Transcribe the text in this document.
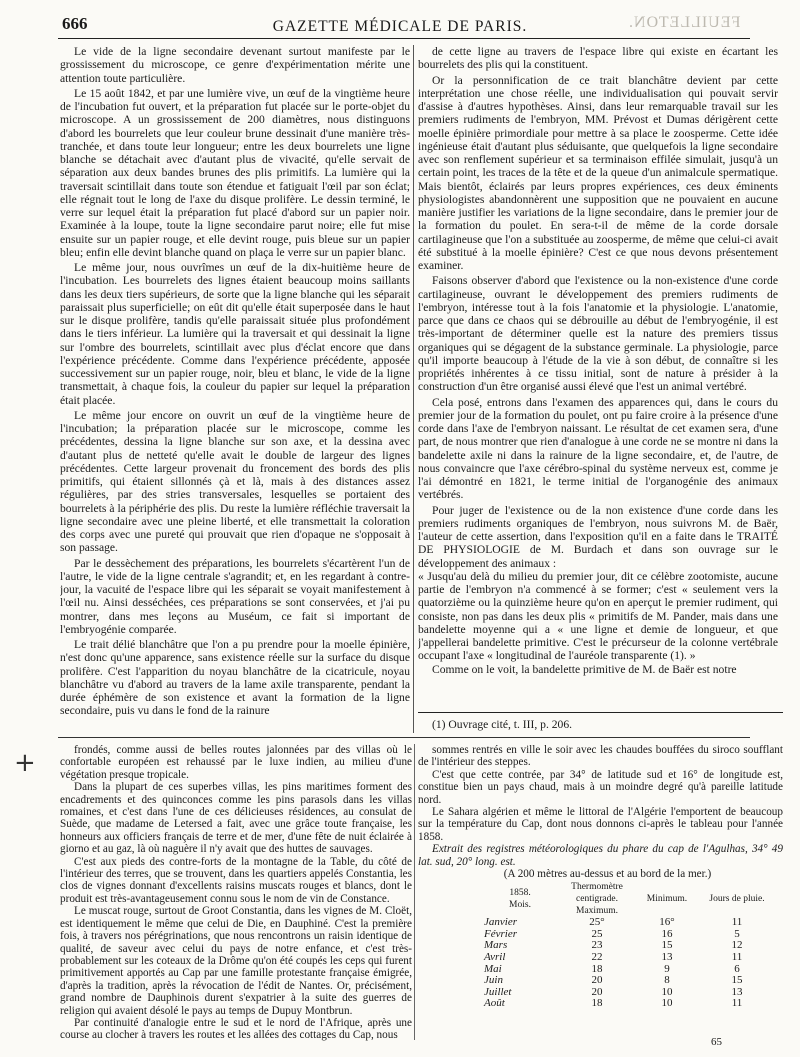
666	GAZETTE MÉDICALE DE PARIS.	FEUILLETON.

Le vide de la ligne secondaire devenant surtout manifeste par le grossissement du microscope, ce genre d'expérimentation mérite une attention toute particulière.

Le 15 août 1842, et par une lumière vive, un œuf de la vingtième heure de l'incubation fut ouvert, et la préparation fut placée sur le porte-objet du microscope. A un grossissement de 200 diamètres, nous distinguons d'abord les bourrelets que leur couleur brune dessinait d'une manière très-tranchée, et dans toute leur longueur; entre les deux bourrelets une ligne blanche se détachait avec d'autant plus de vivacité, qu'elle servait de séparation aux deux bandes brunes des plis primitifs. La lumière qui la traversait scintillait dans toute son étendue et fatiguait l'œil par son éclat; elle régnait tout le long de l'axe du disque prolifère. Le dessin terminé, le verre sur lequel était la préparation fut placé d'abord sur un papier noir. Examinée à la loupe, toute la ligne secondaire parut noire; elle fut mise ensuite sur un papier rouge, et elle devint rouge, puis bleue sur un papier bleu; enfin elle devint blanche quand on plaça le verre sur un papier blanc.

Le même jour, nous ouvrîmes un œuf de la dix-huitième heure de l'incubation. Les bourrelets des lignes étaient beaucoup moins saillants dans les deux tiers supérieurs, de sorte que la ligne blanche qui les séparait paraissait plus superficielle; on eût dit qu'elle était superposée dans le haut sur le disque prolifère, tandis qu'elle paraissait située plus profondément dans le tiers inférieur. La lumière qui la traversait et qui dessinait la ligne sur l'ombre des bourrelets, scintillait avec plus d'éclat encore que dans l'expérience précédente. Comme dans l'expérience précédente, apposée successivement sur un papier rouge, noir, bleu et blanc, le vide de la ligne transmettait, à chaque fois, la couleur du papier sur lequel la préparation était placée.

Le même jour encore on ouvrit un œuf de la vingtième heure de l'incubation; la préparation placée sur le microscope, comme les précédentes, dessina la ligne blanche sur son axe, et la dessina avec d'autant plus de netteté qu'elle avait le double de largeur des lignes précédentes. Cette largeur provenait du froncement des bords des plis primitifs, qui étaient sillonnés çà et là, mais à des distances assez régulières, par des stries transversales, lesquelles se portaient des bourrelets à la périphérie des plis. Du reste la lumière réfléchie traversait la ligne secondaire avec une pleine liberté, et elle transmettait la coloration des corps avec une pureté qui prouvait que rien d'opaque ne s'opposait à son passage.

Par le dessèchement des préparations, les bourrelets s'écartèrent l'un de l'autre, le vide de la ligne centrale s'agrandit; et, en les regardant à contre-jour, la vacuité de l'espace libre qui les séparait se voyait manifestement à l'œil nu. Ainsi desséchées, ces préparations se sont conservées, et j'ai pu montrer, dans mes leçons au Muséum, ce fait si important de l'embryogénie comparée.

Le trait délié blanchâtre que l'on a pu prendre pour la moelle épinière, n'est donc qu'une apparence, sans existence réelle sur la surface du disque prolifère. C'est l'apparition du noyau blanchâtre de la cicatricule, noyau blanchâtre vu d'abord au travers de la lame axile transparente, pendant la durée éphémère de son existence et avant la formation de la ligne secondaire, puis vu dans le fond de la rainure

de cette ligne au travers de l'espace libre qui existe en écartant les bourrelets des plis qui la constituent.

Or la personnification de ce trait blanchâtre devient par cette interprétation une chose réelle, une individualisation qui pouvait servir d'assise à d'autres hypothèses. Ainsi, dans leur remarquable travail sur les premiers rudiments de l'embryon, MM. Prévost et Dumas dérigèrent cette moelle épinière primordiale pour mettre à sa place le zoosperme. Cette idée ingénieuse était d'autant plus séduisante, que quelquefois la ligne secondaire avec son renflement supérieur et sa terminaison effilée simulait, jusqu'à un certain point, les traces de la tête et de la queue d'un animalcule spermatique. Mais bientôt, éclairés par leurs propres expériences, ces deux éminents physiologistes abandonnèrent une supposition que ne pouvaient en aucune manière justifier les variations de la ligne secondaire, dans le premier jour de la formation du poulet. En sera-t-il de même de la corde dorsale cartilagineuse que l'on a substituée au zoosperme, de même que celui-ci avait été substitué à la moelle épinière? C'est ce que nous devons présentement examiner.

Faisons observer d'abord que l'existence ou la non-existence d'une corde cartilagineuse, ouvrant le développement des premiers rudiments de l'embryon, intéresse tout à la fois l'anatomie et la physiologie. L'anatomie, parce que dans ce chaos qui se débrouille au début de l'embryogénie, il est très-important de déterminer quelle est la nature des premiers tissus organiques qui se dégagent de la substance germinale. La physiologie, parce qu'il importe beaucoup à l'étude de la vie à son début, de connaître si les propriétés inhérentes à ce tissu initial, sont de nature à présider à la construction d'un être organisé aussi élevé que l'est un animal vertébré.

Cela posé, entrons dans l'examen des apparences qui, dans le cours du premier jour de la formation du poulet, ont pu faire croire à la présence d'une corde dans l'axe de l'embryon naissant. Le résultat de cet examen sera, d'une part, de nous montrer que rien d'analogue à une corde ne se montre ni dans la bandelette axile ni dans la rainure de la ligne secondaire, et, de l'autre, de nous convaincre que l'axe cérébro-spinal du système nerveux est, comme je l'ai démontré en 1821, le terme initial de l'organogénie des animaux vertébrés.

Pour juger de l'existence ou de la non existence d'une corde dans les premiers rudiments organiques de l'embryon, nous suivrons M. de Baër, l'auteur de cette assertion, dans l'exposition qu'il en a faite dans le TRAITÉ DE PHYSIOLOGIE de M. Burdach et dans son ouvrage sur le développement des animaux :

« Jusqu'au delà du milieu du premier jour, dit ce célèbre zootomiste, aucune partie de l'embryon n'a commencé à se former; c'est « seulement vers la quatorzième ou la quinzième heure qu'on en aperçut le premier rudiment, qui consiste, non pas dans les deux plis « primitifs de M. Pander, mais dans une bandelette moyenne qui a « une ligne et demie de longueur, et que j'appellerai bandelette primitive. C'est le précurseur de la colonne vertébrale occupant l'axe « longitudinal de l'auréole transparente (1). »

Comme on le voit, la bandelette primitive de M. de Baër est notre

(1) Ouvrage cité, t. III, p. 206.
+	frondés, comme aussi de belles routes jalonnées par des villas où le confortable européen est rehaussé par le luxe indien, au milieu d'une végétation presque tropicale.

Dans la plupart de ces superbes villas, les pins maritimes forment des encadrements et des quinconces comme les pins parasols dans les villas romaines, et c'est dans l'une de ces délicieuses résidences, au consulat de Suède, que madame de Letersed a fait, avec une grâce toute française, les honneurs aux officiers français de terre et de mer, d'une fête de nuit éclairée à giorno et au gaz, là où naguère il n'y avait que des huttes de sauvages.

C'est aux pieds des contre-forts de la montagne de la Table, du côté de l'intérieur des terres, que se trouvent, dans les quartiers appelés Constantia, les clos de vignes donnant d'excellents raisins muscats rouges et blancs, dont le produit est très-avantageusement connu sous le nom de vin de Constance.

Le muscat rouge, surtout de Groot Constantia, dans les vignes de M. Cloët, est identiquement le même que celui de Die, en Dauphiné. C'est la première fois, à travers nos pérégrinations, que nous rencontrons un raisin identique de qualité, de saveur avec celui du pays de notre enfance, et c'est très-probablement sur les coteaux de la Drôme qu'on été coupés les ceps qui furent primitivement apportés au Cap par une famille protestante française émigrée, d'après la tradition, après la révocation de l'édit de Nantes. Or, précisément, grand nombre de Dauphinois durent s'expatrier à la suite des guerres de religion qui avaient désolé le pays au temps de Dupuy Montbrun.

Par continuité d'analogie entre le sud et le nord de l'Afrique, après une course au clocher à travers les routes et les allées des cottages du Cap, nous

sommes rentrés en ville le soir avec les chaudes bouffées du siroco soufflant de l'intérieur des steppes.

C'est que cette contrée, par 34° de latitude sud et 16° de longitude est, constitue bien un pays chaud, mais à un moindre degré qu'à pareille latitude nord.

Le Sahara algérien et même le littoral de l'Algérie l'emportent de beaucoup sur la température du Cap, dont nous donnons ci-après le tableau pour l'année 1858.

Extrait des registres météorologiques du phare du cap de l'Agulhas, 34° 49 lat. sud, 20° long. est.

(A 200 mètres au-dessus et au bord de la mer.)

1858.
Mois.	Thermomètre centigrade. Maximum.	Minimum.	Jours de pluie.
Janvier	25°	16°	11
Février	25	16	5
Mars	23	15	12
Avril	22	13	11
Mai	18	9	6
Juin	20	8	15
Juillet	20	10	13
Août	18	10	11
65
